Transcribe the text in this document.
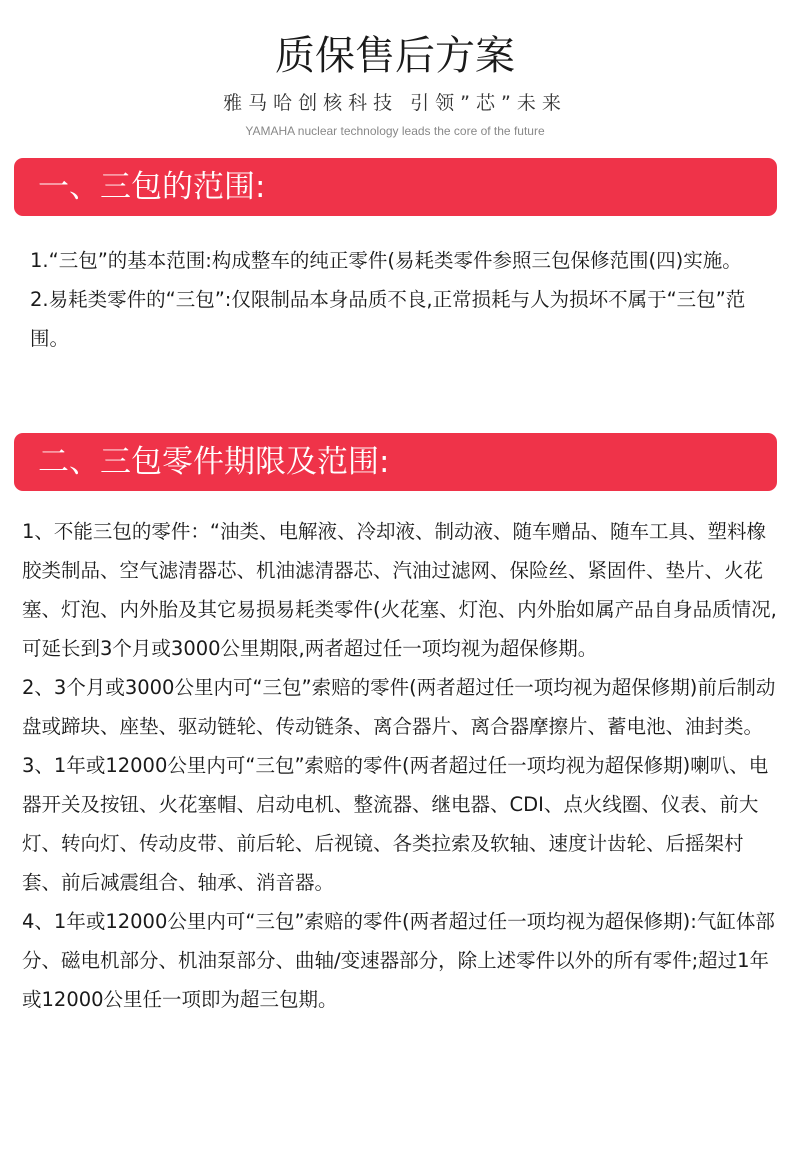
质保售后方案

雅马哈创核科技 引领”芯”未来

YAMAHA nuclear technology leads the core of the future

一、三包的范围:

1.“三包”的基本范围:构成整车的纯正零件(易耗类零件参照三包保修范围(四)实施。

2.易耗类零件的“三包”:仅限制品本身品质不良,正常损耗与人为损坏不属于“三包”范围。

二、三包零件期限及范围:

1、不能三包的零件：“油类、电解液、冷却液、制动液、随车赠品、随车工具、塑料橡胶类制品、空气滤清器芯、机油滤清器芯、汽油过滤网、保险丝、紧固件、垫片、火花塞、灯泡、内外胎及其它易损易耗类零件(火花塞、灯泡、内外胎如属产品自身品质情况,可延长到3个月或3000公里期限,两者超过任一项均视为超保修期。

2、3个月或3000公里内可“三包”索赔的零件(两者超过任一项均视为超保修期)前后制动盘或蹄块、座垫、驱动链轮、传动链条、离合器片、离合器摩擦片、蓄电池、油封类。

3、1年或12000公里内可“三包”索赔的零件(两者超过任一项均视为超保修期)喇叭、电器开关及按钮、火花塞帽、启动电机、整流器、继电器、CDI、点火线圈、仪表、前大灯、转向灯、传动皮带、前后轮、后视镜、各类拉索及软轴、速度计齿轮、后摇架村套、前后减震组合、轴承、消音器。

4、1年或12000公里内可“三包”索赔的零件(两者超过任一项均视为超保修期):气缸体部分、磁电机部分、机油泵部分、曲轴/变速器部分，除上述零件以外的所有零件;超过1年或12000公里任一项即为超三包期。
